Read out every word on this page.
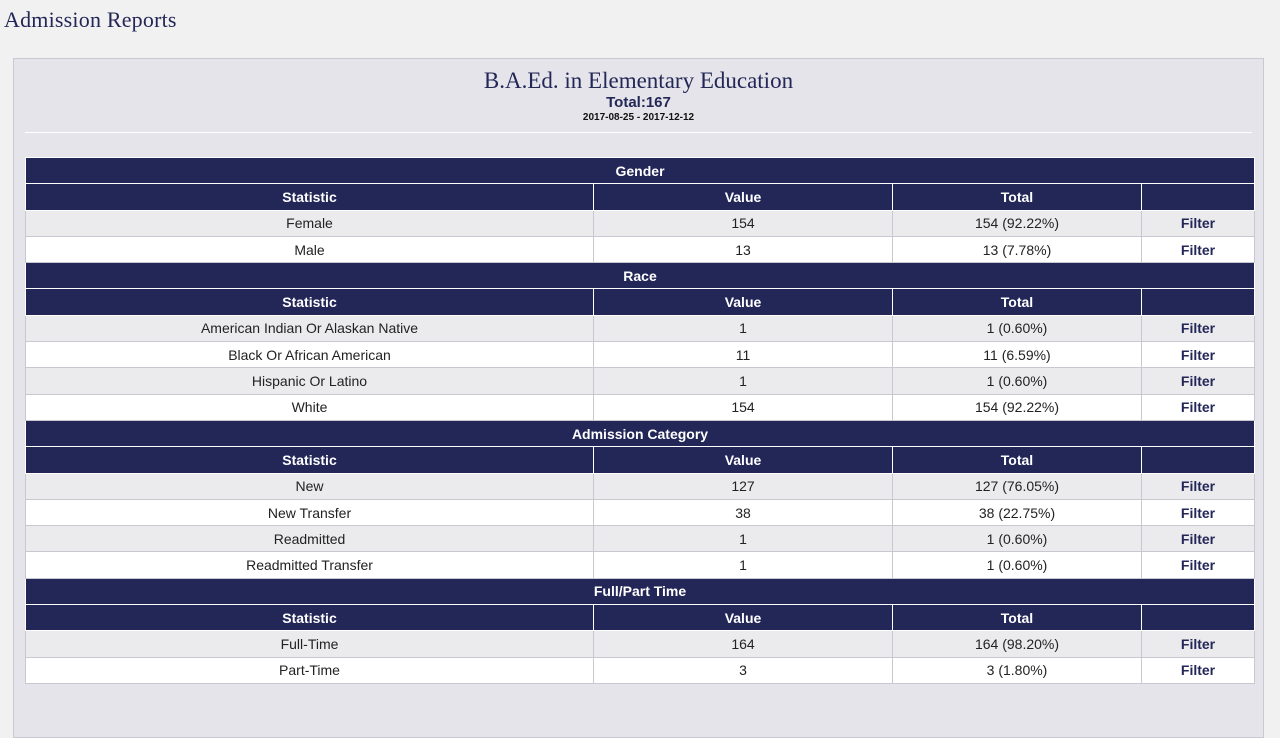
Admission Reports
B.A.Ed. in Elementary Education
Total:167
2017-08-25 - 2017-12-12
Gender			
Statistic	Value	Total	
Female	154	154 (92.22%)	Filter
Male	13	13 (7.78%)	Filter
Race			
Statistic	Value	Total	
American Indian Or Alaskan Native	1	1 (0.60%)	Filter
Black Or African American	11	11 (6.59%)	Filter
Hispanic Or Latino	1	1 (0.60%)	Filter
White	154	154 (92.22%)	Filter
Admission Category			
Statistic	Value	Total	
New	127	127 (76.05%)	Filter
New Transfer	38	38 (22.75%)	Filter
Readmitted	1	1 (0.60%)	Filter
Readmitted Transfer	1	1 (0.60%)	Filter
Full/Part Time			
Statistic	Value	Total	
Full-Time	164	164 (98.20%)	Filter
Part-Time	3	3 (1.80%)	Filter
